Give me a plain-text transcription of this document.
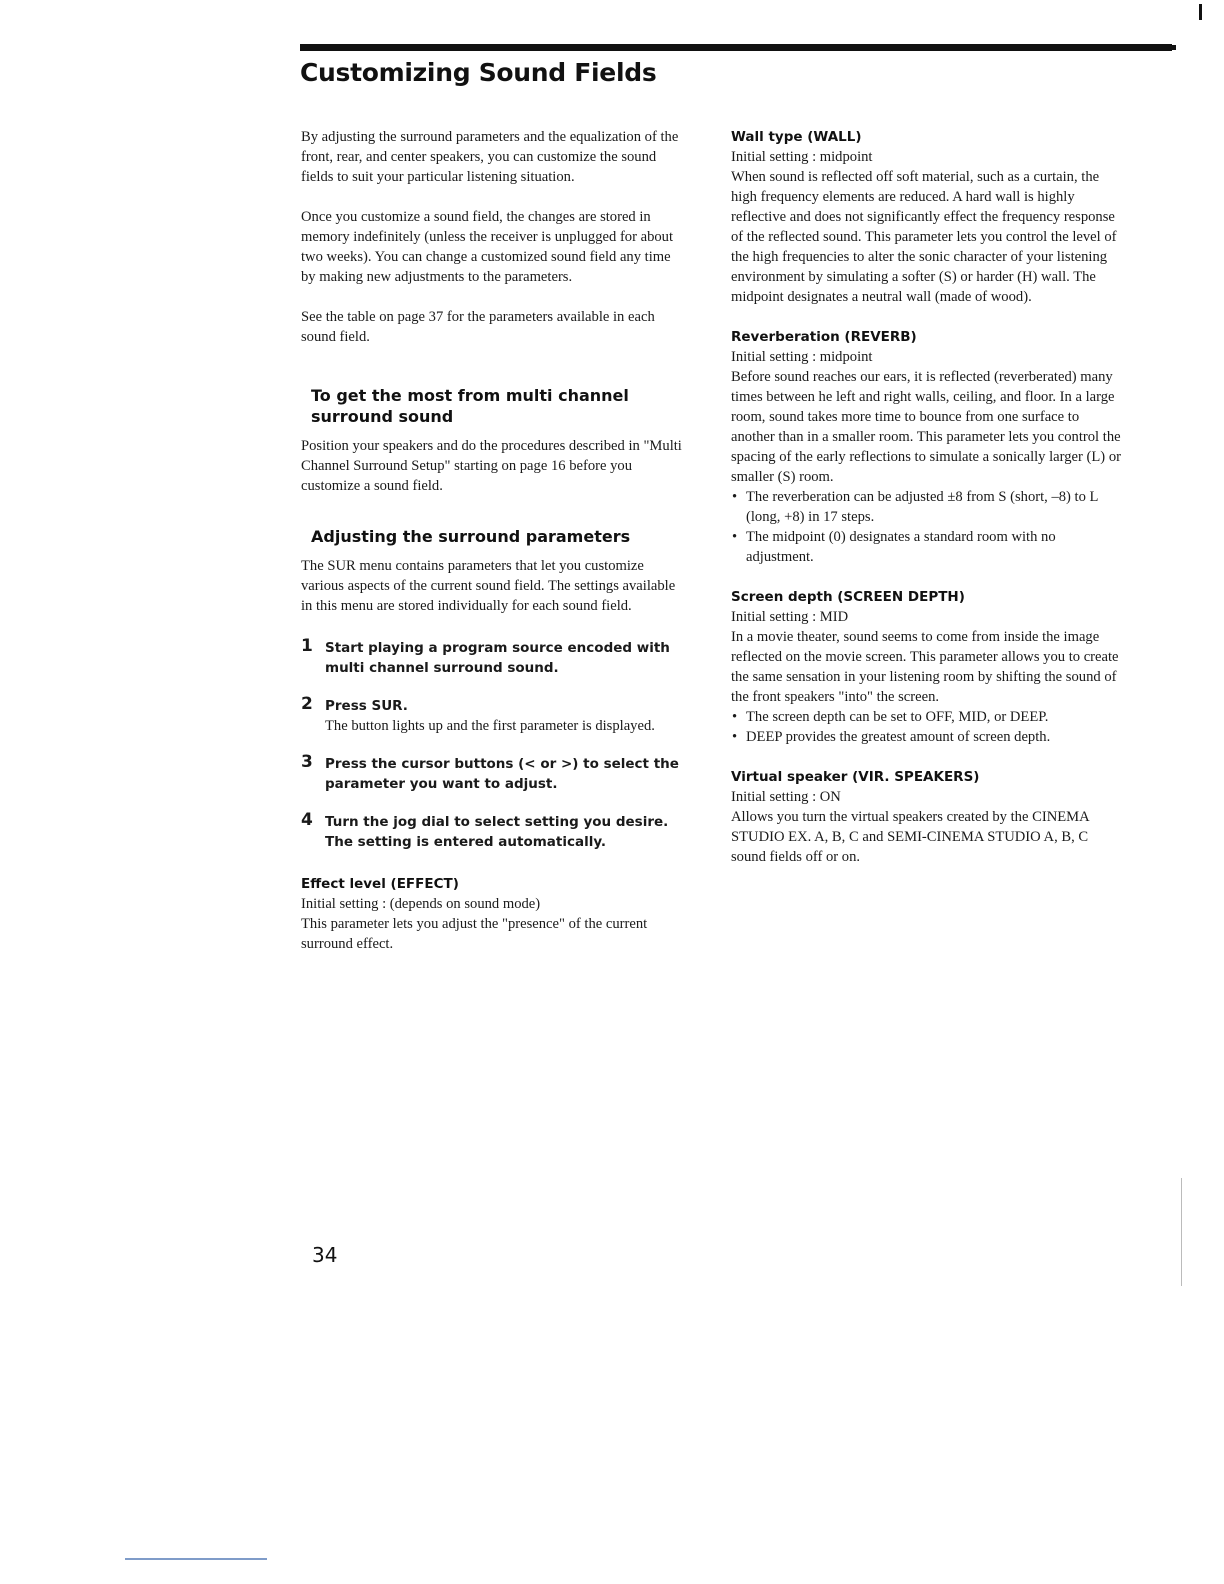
Customizing Sound Fields

By adjusting the surround parameters and the equalization of the front, rear, and center speakers, you can customize the sound fields to suit your particular listening situation.

Once you customize a sound field, the changes are stored in memory indefinitely (unless the receiver is unplugged for about two weeks). You can change a customized sound field any time by making new adjustments to the parameters.

See the table on page 37 for the parameters available in each sound field.

To get the most from multi channel surround sound

Position your speakers and do the procedures described in "Multi Channel Surround Setup" starting on page 16 before you customize a sound field.

Adjusting the surround parameters

The SUR menu contains parameters that let you customize various aspects of the current sound field. The settings available in this menu are stored individually for each sound field.

1 Start playing a program source encoded with multi channel surround sound.
2 Press SUR.
The button lights up and the first parameter is displayed.
3 Press the cursor buttons (< or >) to select the parameter you want to adjust.
4 Turn the jog dial to select setting you desire. The setting is entered automatically.
Effect level (EFFECT)

Initial setting : (depends on sound mode)

This parameter lets you adjust the "presence" of the current surround effect.

Wall type (WALL)

Initial setting : midpoint

When sound is reflected off soft material, such as a curtain, the high frequency elements are reduced. A hard wall is highly reflective and does not significantly effect the frequency response of the reflected sound. This parameter lets you control the level of the high frequencies to alter the sonic character of your listening environment by simulating a softer (S) or harder (H) wall. The midpoint designates a neutral wall (made of wood).

Reverberation (REVERB)

Initial setting : midpoint

Before sound reaches our ears, it is reflected (reverberated) many times between he left and right walls, ceiling, and floor. In a large room, sound takes more time to bounce from one surface to another than in a smaller room. This parameter lets you control the spacing of the early reflections to simulate a sonically larger (L) or smaller (S) room.

• The reverberation can be adjusted ±8 from S (short, –8) to L (long, +8) in 17 steps.
• The midpoint (0) designates a standard room with no adjustment.
Screen depth (SCREEN DEPTH)

Initial setting : MID

In a movie theater, sound seems to come from inside the image reflected on the movie screen. This parameter allows you to create the same sensation in your listening room by shifting the sound of the front speakers "into" the screen.

• The screen depth can be set to OFF, MID, or DEEP.
• DEEP provides the greatest amount of screen depth.
Virtual speaker (VIR. SPEAKERS)

Initial setting : ON

Allows you turn the virtual speakers created by the CINEMA STUDIO EX. A, B, C and SEMI-CINEMA STUDIO A, B, C sound fields off or on.

34
